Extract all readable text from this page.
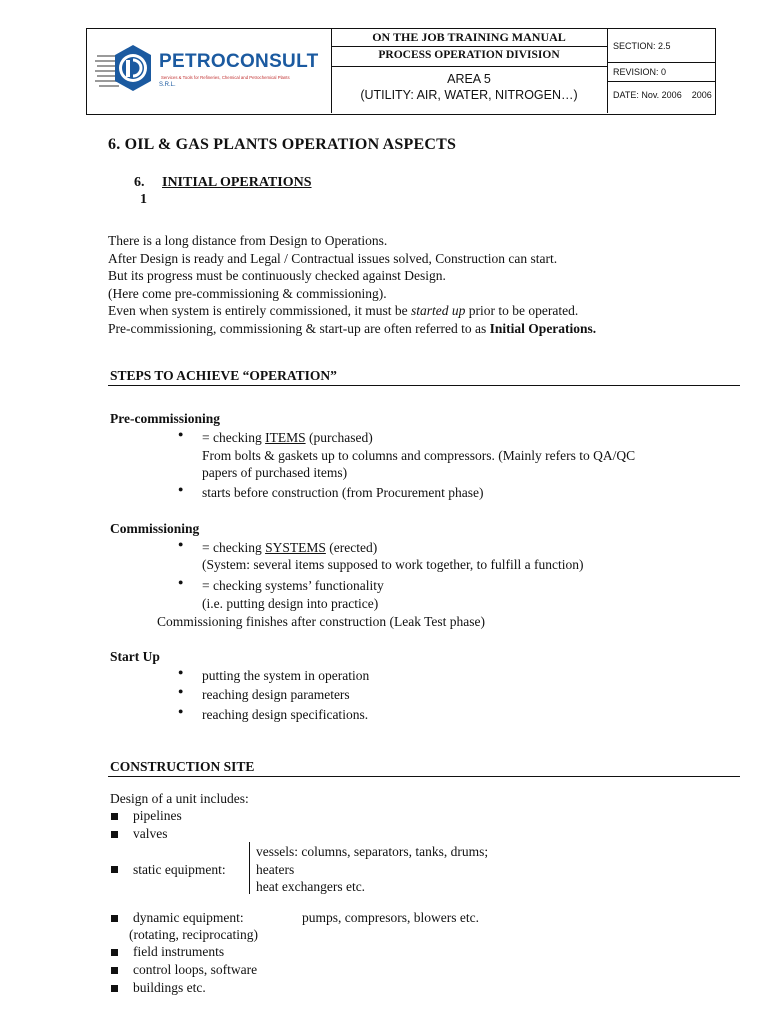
PETROCONSULT S.R.L.
Services & Tools for Refineries, Chemical and Petrochemical Plants
ON THE JOB TRAINING MANUAL
PROCESS OPERATION DIVISION
AREA 5
(UTILITY: AIR, WATER, NITROGEN…)
SECTION: 2.5
REVISION: 0
DATE: Nov. 2006    2006
6. OIL & GAS PLANTS OPERATION ASPECTS
6.
1
INITIAL OPERATIONS
There is a long distance from Design to Operations.
After Design is ready and Legal / Contractual issues solved, Construction can start.
But its progress must be continuously checked against Design.
(Here come pre-commissioning & commissioning).
Even when system is entirely commissioned, it must be started up prior to be operated.
Pre-commissioning, commissioning & start-up are often referred to as Initial Operations.
STEPS TO ACHIEVE “OPERATION”
Pre-commissioning
● = checking ITEMS (purchased)
From bolts & gaskets up to columns and compressors. (Mainly refers to QA/QC
papers of purchased items)
● starts before construction (from Procurement phase)
Commissioning
● = checking SYSTEMS (erected)
(System: several items supposed to work together, to fulfill a function)
● = checking systems’ functionality
(i.e. putting design into practice)
Commissioning finishes after construction (Leak Test phase)
Start Up
● putting the system in operation
● reaching design parameters
● reaching design specifications.
CONSTRUCTION SITE
Design of a unit includes:
pipelines
valves
static equipment:
vessels: columns, separators, tanks, drums;
heaters
heat exchangers etc.
dynamic equipment:	pumps, compresors, blowers etc.
(rotating, reciprocating)
field instruments
control loops, software
buildings etc.
